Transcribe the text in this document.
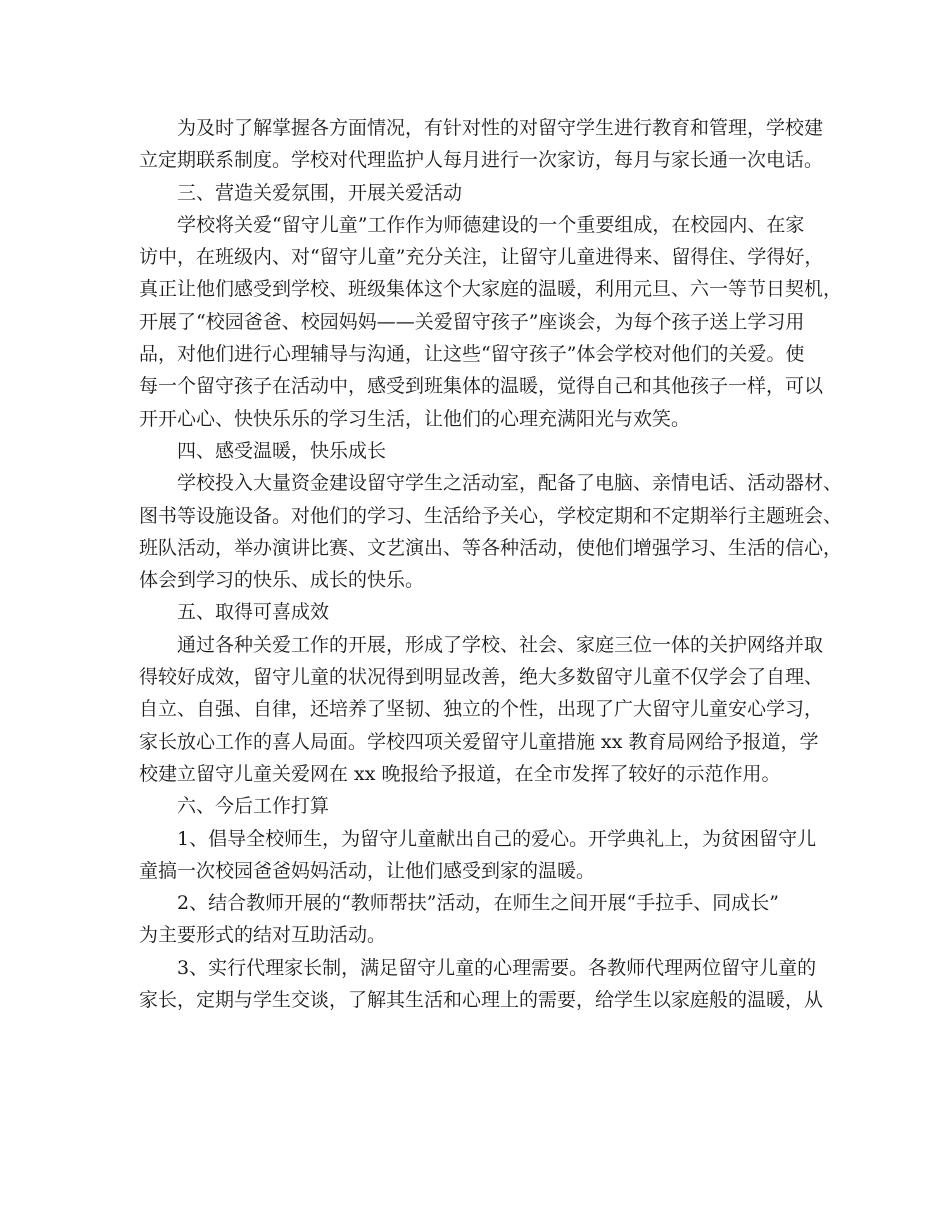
为及时了解掌握各方面情况，有针对性的对留守学生进行教育和管理，学校建
立定期联系制度。学校对代理监护人每月进行一次家访，每月与家长通一次电话。
三、营造关爱氛围，开展关爱活动
学校将关爱“留守儿童”工作作为师德建设的一个重要组成，在校园内、在家
访中，在班级内、对“留守儿童”充分关注，让留守儿童进得来、留得住、学得好，
真正让他们感受到学校、班级集体这个大家庭的温暖，利用元旦、六一等节日契机，
开展了“校园爸爸、校园妈妈——关爱留守孩子”座谈会，为每个孩子送上学习用
品，对他们进行心理辅导与沟通，让这些“留守孩子”体会学校对他们的关爱。使
每一个留守孩子在活动中，感受到班集体的温暖，觉得自己和其他孩子一样，可以
开开心心、快快乐乐的学习生活，让他们的心理充满阳光与欢笑。
四、感受温暖，快乐成长
学校投入大量资金建设留守学生之活动室，配备了电脑、亲情电话、活动器材、
图书等设施设备。对他们的学习、生活给予关心，学校定期和不定期举行主题班会、
班队活动，举办演讲比赛、文艺演出、等各种活动，使他们增强学习、生活的信心，
体会到学习的快乐、成长的快乐。
五、取得可喜成效
通过各种关爱工作的开展，形成了学校、社会、家庭三位一体的关护网络并取
得较好成效，留守儿童的状况得到明显改善，绝大多数留守儿童不仅学会了自理、
自立、自强、自律，还培养了坚韧、独立的个性，出现了广大留守儿童安心学习，
家长放心工作的喜人局面。学校四项关爱留守儿童措施 xx 教育局网给予报道，学
校建立留守儿童关爱网在 xx 晚报给予报道，在全市发挥了较好的示范作用。
六、今后工作打算
1、倡导全校师生，为留守儿童献出自己的爱心。开学典礼上，为贫困留守儿
童搞一次校园爸爸妈妈活动，让他们感受到家的温暖。
2、结合教师开展的“教师帮扶”活动，在师生之间开展“手拉手、同成长”
为主要形式的结对互助活动。
3、实行代理家长制，满足留守儿童的心理需要。各教师代理两位留守儿童的
家长，定期与学生交谈，了解其生活和心理上的需要，给学生以家庭般的温暖，从
